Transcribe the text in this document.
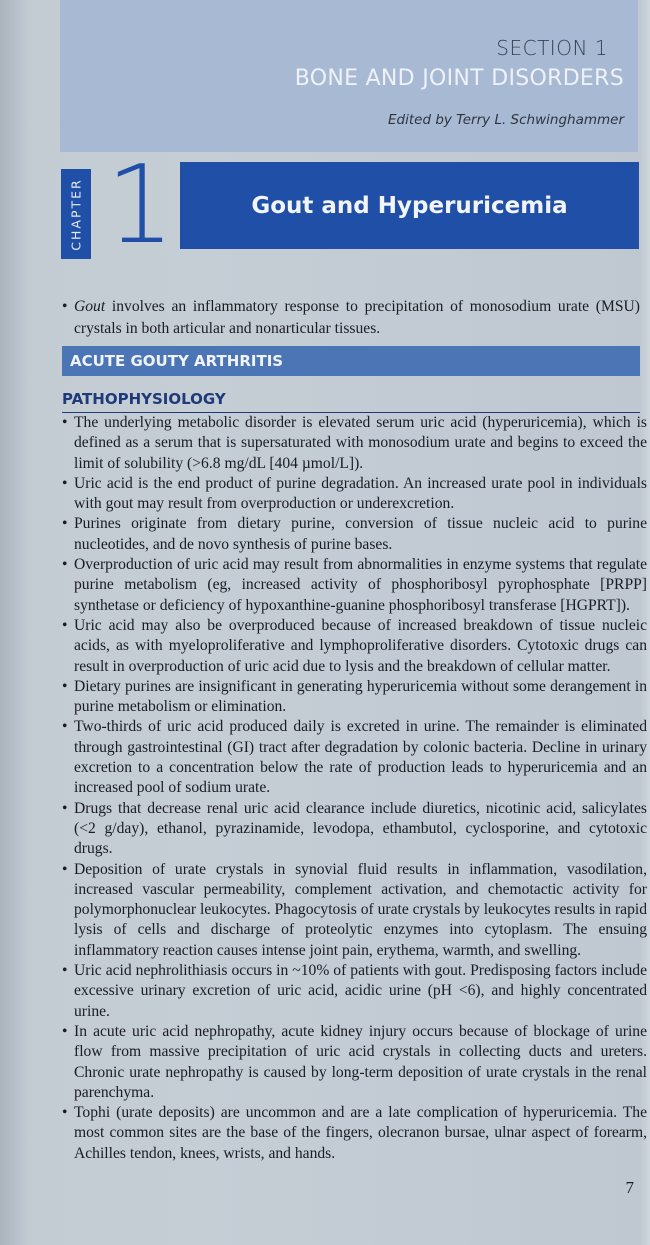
SECTION 1
BONE AND JOINT DISORDERS
Edited by Terry L. Schwinghammer
CHAPTER 1	Gout and Hyperuricemia
• Gout involves an inflammatory response to precipitation of monosodium urate (MSU) crystals in both articular and nonarticular tissues.
ACUTE GOUTY ARTHRITIS
PATHOPHYSIOLOGY
• The underlying metabolic disorder is elevated serum uric acid (hyperuricemia), which is defined as a serum that is supersaturated with monosodium urate and begins to exceed the limit of solubility (>6.8 mg/dL [404 µmol/L]).
• Uric acid is the end product of purine degradation. An increased urate pool in individuals with gout may result from overproduction or underexcretion.
• Purines originate from dietary purine, conversion of tissue nucleic acid to purine nucleotides, and de novo synthesis of purine bases.
• Overproduction of uric acid may result from abnormalities in enzyme systems that regulate purine metabolism (eg, increased activity of phosphoribosyl pyrophosphate [PRPP] synthetase or deficiency of hypoxanthine-guanine phosphoribosyl transferase [HGPRT]).
• Uric acid may also be overproduced because of increased breakdown of tissue nucleic acids, as with myeloproliferative and lymphoproliferative disorders. Cytotoxic drugs can result in overproduction of uric acid due to lysis and the breakdown of cellular matter.
• Dietary purines are insignificant in generating hyperuricemia without some derangement in purine metabolism or elimination.
• Two-thirds of uric acid produced daily is excreted in urine. The remainder is eliminated through gastrointestinal (GI) tract after degradation by colonic bacteria. Decline in urinary excretion to a concentration below the rate of production leads to hyperuricemia and an increased pool of sodium urate.
• Drugs that decrease renal uric acid clearance include diuretics, nicotinic acid, salicylates (<2 g/day), ethanol, pyrazinamide, levodopa, ethambutol, cyclosporine, and cytotoxic drugs.
• Deposition of urate crystals in synovial fluid results in inflammation, vasodilation, increased vascular permeability, complement activation, and chemotactic activity for polymorphonuclear leukocytes. Phagocytosis of urate crystals by leukocytes results in rapid lysis of cells and discharge of proteolytic enzymes into cytoplasm. The ensuing inflammatory reaction causes intense joint pain, erythema, warmth, and swelling.
• Uric acid nephrolithiasis occurs in ~10% of patients with gout. Predisposing factors include excessive urinary excretion of uric acid, acidic urine (pH <6), and highly concentrated urine.
• In acute uric acid nephropathy, acute kidney injury occurs because of blockage of urine flow from massive precipitation of uric acid crystals in collecting ducts and ureters. Chronic urate nephropathy is caused by long-term deposition of urate crystals in the renal parenchyma.
• Tophi (urate deposits) are uncommon and are a late complication of hyperuricemia. The most common sites are the base of the fingers, olecranon bursae, ulnar aspect of forearm, Achilles tendon, knees, wrists, and hands.
7
